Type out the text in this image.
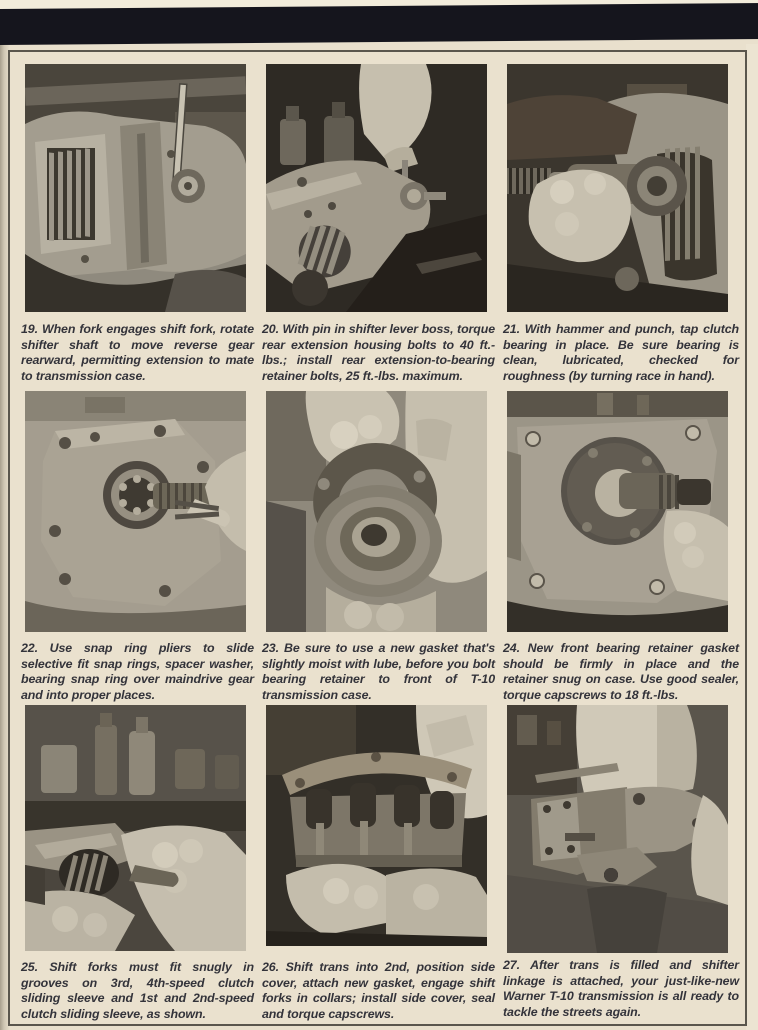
19. When fork engages shift fork, rotate shifter shaft to move reverse gear rearward, permitting extension to mate to transmission case.
20. With pin in shifter lever boss, torque rear extension housing bolts to 40 ft.-lbs.; install rear extension-to-bearing retainer bolts, 25 ft.-lbs. maximum.
21. With hammer and punch, tap clutch bearing in place. Be sure bearing is clean, lubricated, checked for roughness (by turning race in hand).
22. Use snap ring pliers to slide selective fit snap rings, spacer washer, bearing snap ring over maindrive gear and into proper places.
23. Be sure to use a new gasket that's slightly moist with lube, before you bolt bearing retainer to front of T-10 transmission case.
24. New front bearing retainer gasket should be firmly in place and the retainer snug on case. Use good sealer, torque capscrews to 18 ft.-lbs.
25. Shift forks must fit snugly in grooves on 3rd, 4th-speed clutch sliding sleeve and 1st and 2nd-speed clutch sliding sleeve, as shown.
26. Shift trans into 2nd, position side cover, attach new gasket, engage shift forks in collars; install side cover, seal and torque capscrews.
27. After trans is filled and shifter linkage is attached, your just-like-new Warner T-10 transmission is all ready to tackle the streets again.
